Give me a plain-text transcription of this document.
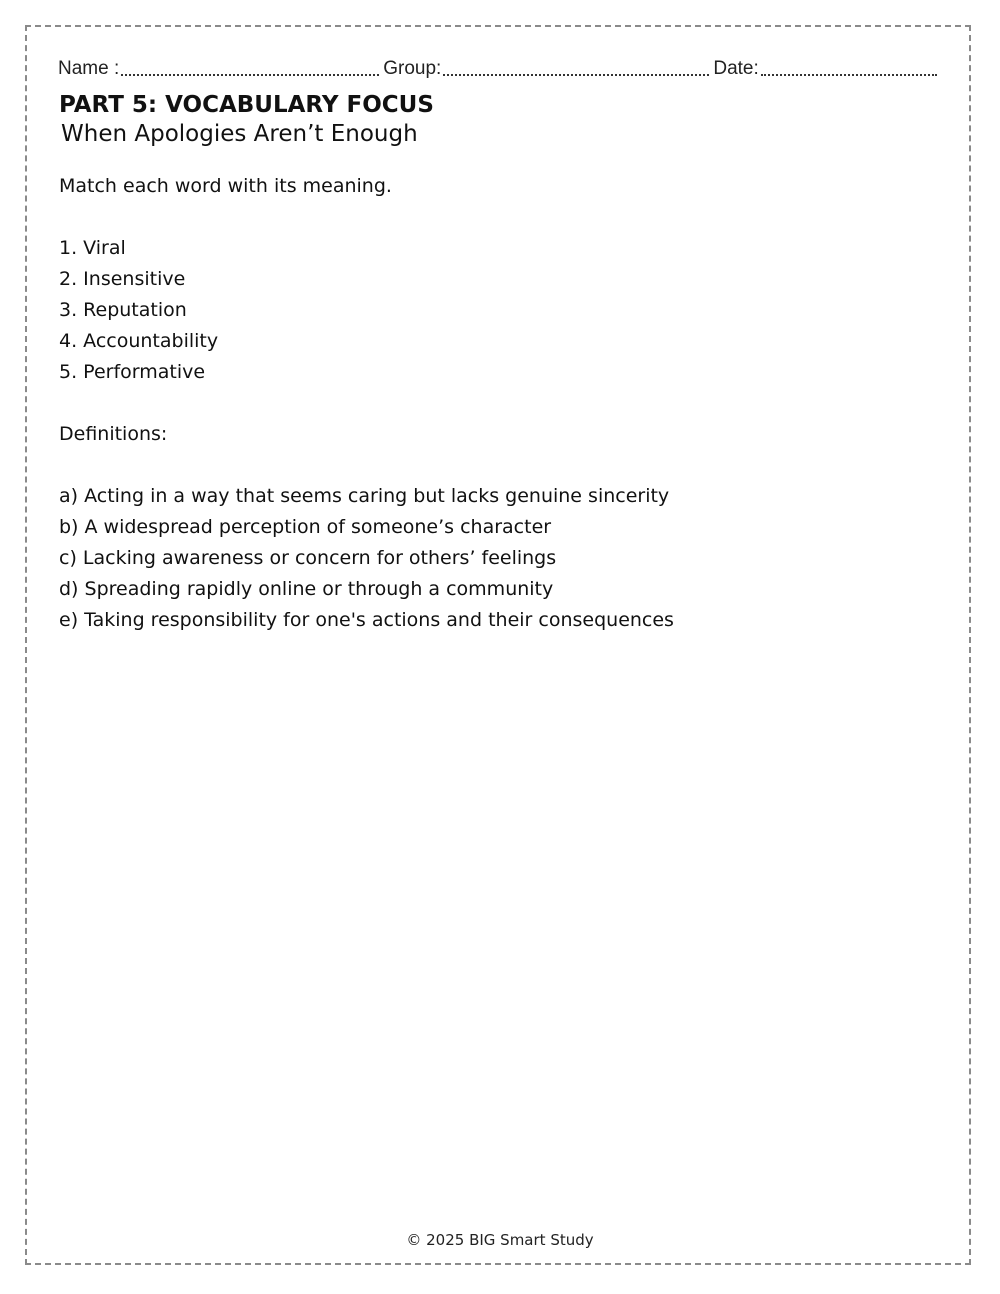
Name :	Group:	Date:
PART 5: VOCABULARY FOCUS
When Apologies Aren’t Enough
Match each word with its meaning.
1. Viral
2. Insensitive
3. Reputation
4. Accountability
5. Performative
Definitions:
a) Acting in a way that seems caring but lacks genuine sincerity
b) A widespread perception of someone’s character
c) Lacking awareness or concern for others’ feelings
d) Spreading rapidly online or through a community
e) Taking responsibility for one's actions and their consequences
© 2025 BIG Smart Study
